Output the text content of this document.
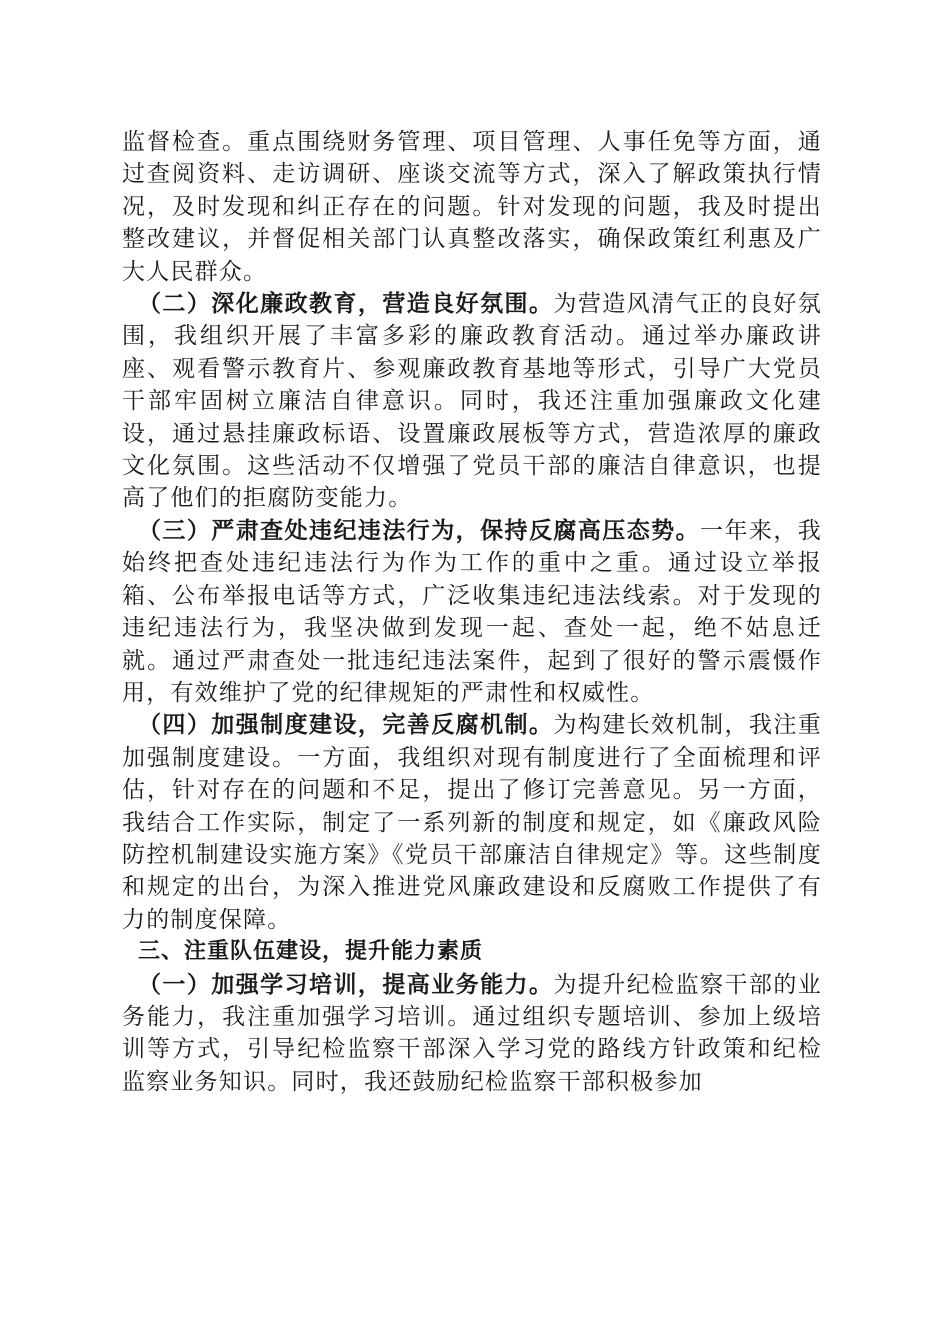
监督检查。重点围绕财务管理、项目管理、人事任免等方面，通过查阅资料、走访调研、座谈交流等方式，深入了解政策执行情况，及时发现和纠正存在的问题。针对发现的问题，我及时提出整改建议，并督促相关部门认真整改落实，确保政策红利惠及广大人民群众。

（二）深化廉政教育，营造良好氛围。为营造风清气正的良好氛围，我组织开展了丰富多彩的廉政教育活动。通过举办廉政讲座、观看警示教育片、参观廉政教育基地等形式，引导广大党员干部牢固树立廉洁自律意识。同时，我还注重加强廉政文化建设，通过悬挂廉政标语、设置廉政展板等方式，营造浓厚的廉政文化氛围。这些活动不仅增强了党员干部的廉洁自律意识，也提高了他们的拒腐防变能力。

（三）严肃查处违纪违法行为，保持反腐高压态势。一年来，我始终把查处违纪违法行为作为工作的重中之重。通过设立举报箱、公布举报电话等方式，广泛收集违纪违法线索。对于发现的违纪违法行为，我坚决做到发现一起、查处一起，绝不姑息迁就。通过严肃查处一批违纪违法案件，起到了很好的警示震慑作用，有效维护了党的纪律规矩的严肃性和权威性。

（四）加强制度建设，完善反腐机制。为构建长效机制，我注重加强制度建设。一方面，我组织对现有制度进行了全面梳理和评估，针对存在的问题和不足，提出了修订完善意见。另一方面，我结合工作实际，制定了一系列新的制度和规定，如《廉政风险防控机制建设实施方案》《党员干部廉洁自律规定》等。这些制度和规定的出台，为深入推进党风廉政建设和反腐败工作提供了有力的制度保障。

三、注重队伍建设，提升能力素质

（一）加强学习培训，提高业务能力。为提升纪检监察干部的业务能力，我注重加强学习培训。通过组织专题培训、参加上级培训等方式，引导纪检监察干部深入学习党的路线方针政策和纪检监察业务知识。同时，我还鼓励纪检监察干部积极参加
